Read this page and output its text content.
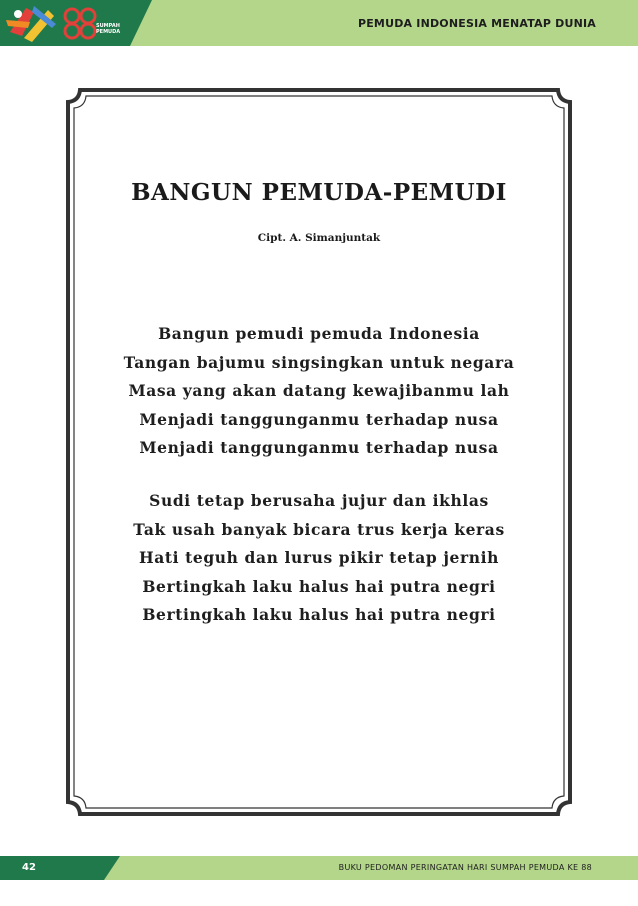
SUMPAH
PEMUDA
PEMUDA INDONESIA MENATAP DUNIA
BANGUN PEMUDA-PEMUDI
Cipt. A. Simanjuntak
Bangun pemudi pemuda Indonesia
Tangan bajumu singsingkan untuk negara
Masa yang akan datang kewajibanmu lah
Menjadi tanggunganmu terhadap nusa
Menjadi tanggunganmu terhadap nusa
Sudi tetap berusaha jujur dan ikhlas
Tak usah banyak bicara trus kerja keras
Hati teguh dan lurus pikir tetap jernih
Bertingkah laku halus hai putra negri
Bertingkah laku halus hai putra negri
42	BUKU PEDOMAN PERINGATAN HARI SUMPAH PEMUDA KE 88
